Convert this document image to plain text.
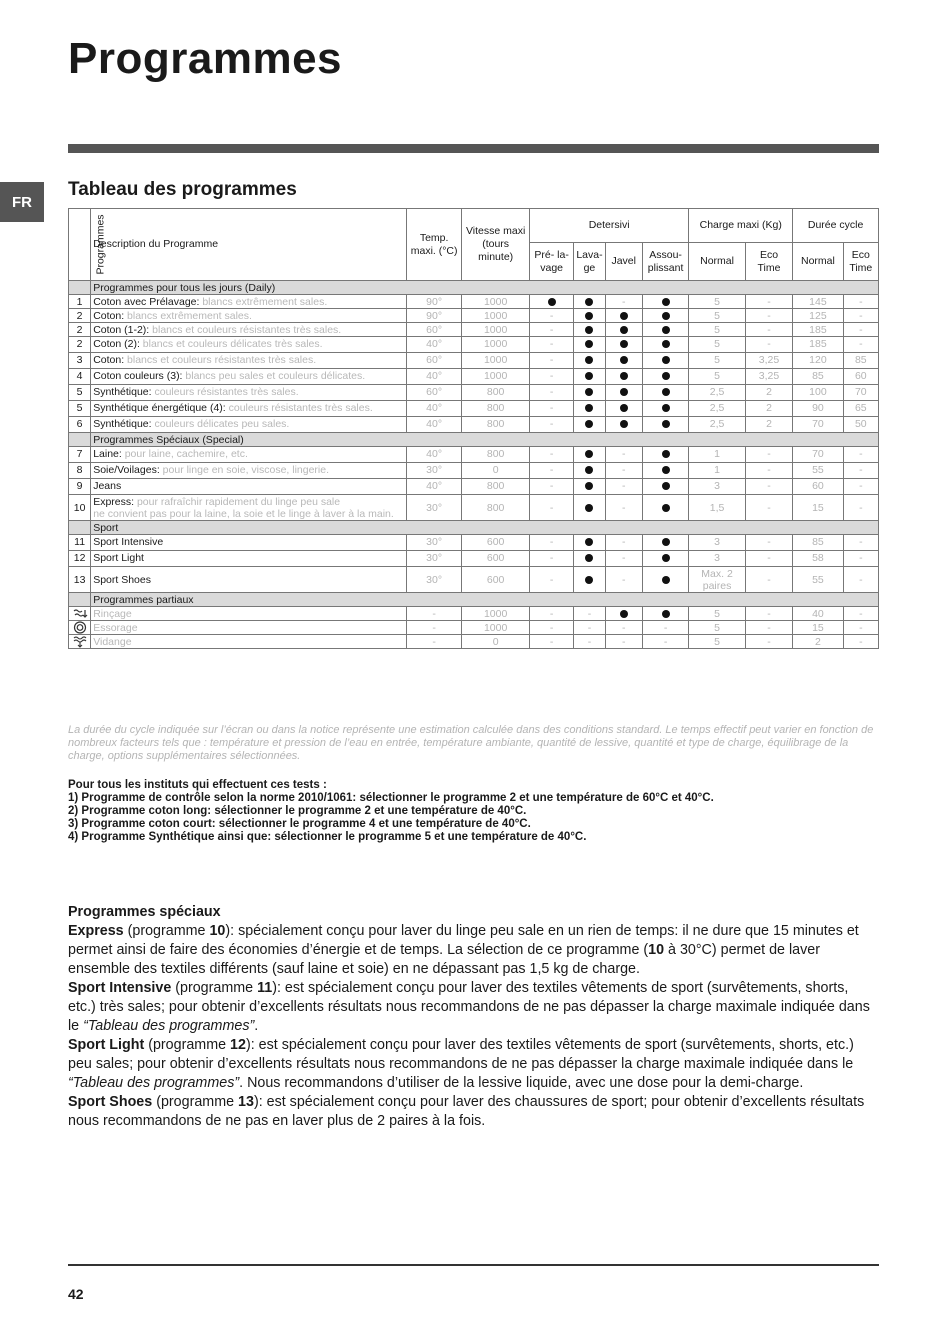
Programmes
FR
Tableau des programmes
Programmes	Description du Programme	Temp. maxi. (°C)	Vitesse maxi (tours minute)	Detersivi				Charge maxi (Kg)		Durée cycle	
				Pré- la- vage	Lava- ge	Javel	Assou- plissant	Normal	Eco Time	Normal	Eco Time
	Programmes pour tous les jours (Daily)										
1	Coton avec Prélavage: blancs extrêmement sales.	90°	1000			-		5	-	145	-
2	Coton: blancs extrêmement sales.	90°	1000	-				5	-	125	-
2	Coton (1-2): blancs et couleurs résistantes très sales.	60°	1000	-				5	-	185	-
2	Coton (2): blancs et couleurs délicates très sales.	40°	1000	-				5	-	185	-
3	Coton: blancs et couleurs résistantes très sales.	60°	1000	-				5	3,25	120	85
4	Coton couleurs (3): blancs peu sales et couleurs délicates.	40°	1000	-				5	3,25	85	60
5	Synthétique: couleurs résistantes très sales.	60°	800	-				2,5	2	100	70
5	Synthétique énergétique (4): couleurs résistantes très sales.	40°	800	-				2,5	2	90	65
6	Synthétique: couleurs délicates peu sales.	40°	800	-				2,5	2	70	50
	Programmes Spéciaux (Special)										
7	Laine: pour laine, cachemire, etc.	40°	800	-		-		1	-	70	-
8	Soie/Voilages: pour linge en soie, viscose, lingerie.	30°	0	-		-		1	-	55	-
9	Jeans	40°	800	-		-		3	-	60	-
10	Express: pour rafraîchir rapidement du linge peu sale
ne convient pas pour la laine, la soie et le linge à laver à la main.	30°	800	-		-		1,5	-	15	-
	Sport										
11	Sport Intensive	30°	600	-		-		3	-	85	-
12	Sport Light	30°	600	-		-		3	-	58	-
13	Sport Shoes	30°	600	-		-		Max. 2
paires	-	55	-
	Programmes partiaux										
	Rinçage	-	1000	-	-			5	-	40	-
	Essorage	-	1000	-	-	-	-	5	-	15	-
	Vidange	-	0	-	-	-	-	5	-	2	-

La durée du cycle indiquée sur l’écran ou dans la notice représente une estimation calculée dans des conditions standard. Le temps effectif peut varier en fonction de nombreux facteurs tels que : température et pression de l’eau en entrée, température ambiante, quantité de lessive, quantité et type de charge, équilibrage de la charge, options supplémentaires sélectionnées.

Pour tous les instituts qui effectuent ces tests :
1) Programme de contrôle selon la norme 2010/1061: sélectionner le programme 2 et une température de 60°C et 40°C.
2) Programme coton long: sélectionner le programme 2 et une température de 40°C.
3) Programme coton court: sélectionner le programme 4 et une température de 40°C.
4) Programme Synthétique ainsi que: sélectionner le programme 5 et une température de 40°C.
Programmes spéciaux

Express (programme 10): spécialement conçu pour laver du linge peu sale en un rien de temps: il ne dure que 15 minutes et permet ainsi de faire des économies d’énergie et de temps. La sélection de ce programme (10 à 30°C) permet de laver ensemble des textiles différents (sauf laine et soie) en ne dépassant pas 1,5 kg de charge.

Sport Intensive (programme 11): est spécialement conçu pour laver des textiles vêtements de sport (survêtements, shorts, etc.) très sales; pour obtenir d’excellents résultats nous recommandons de ne pas dépasser la charge maximale indiquée dans le “Tableau des programmes”.

Sport Light (programme 12): est spécialement conçu pour laver des textiles vêtements de sport (survêtements, shorts, etc.) peu sales; pour obtenir d’excellents résultats nous recommandons de ne pas dépasser la charge maximale indiquée dans le “Tableau des programmes”. Nous recommandons d’utiliser de la lessive liquide, avec une dose pour la demi-charge.

Sport Shoes (programme 13): est spécialement conçu pour laver des chaussures de sport; pour obtenir d’excellents résultats nous recommandons de ne pas en laver plus de 2 paires à la fois.

42
